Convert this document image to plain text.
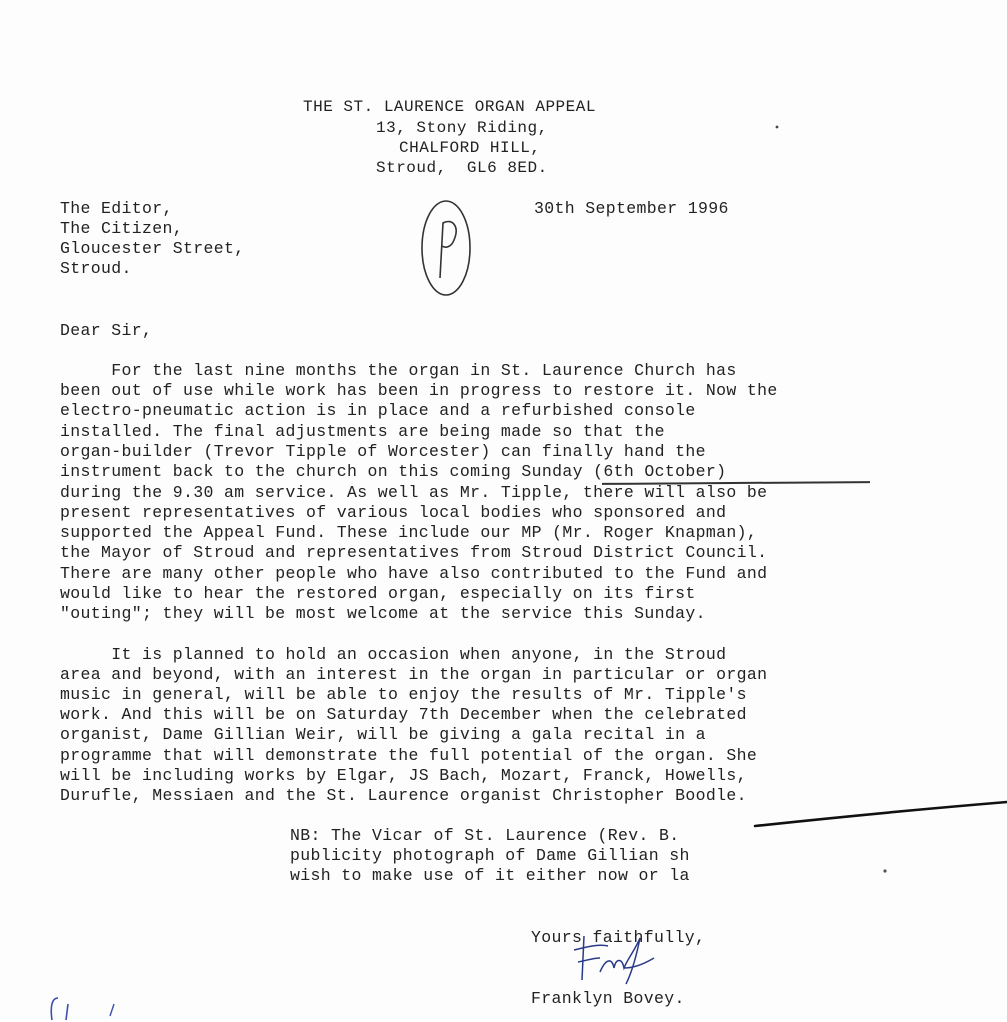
THE ST. LAURENCE ORGAN APPEAL
13, Stony Riding,
CHALFORD HILL,
Stroud,  GL6 8ED.
The Editor,
The Citizen,
Gloucester Street,
Stroud.
30th September 1996
Dear Sir,
For the last nine months the organ in St. Laurence Church has
been out of use while work has been in progress to restore it. Now the
electro-pneumatic action is in place and a refurbished console
installed. The final adjustments are being made so that the
organ-builder (Trevor Tipple of Worcester) can finally hand the
instrument back to the church on this coming Sunday (6th October)
during the 9.30 am service. As well as Mr. Tipple, there will also be
present representatives of various local bodies who sponsored and
supported the Appeal Fund. These include our MP (Mr. Roger Knapman),
the Mayor of Stroud and representatives from Stroud District Council.
There are many other people who have also contributed to the Fund and
would like to hear the restored organ, especially on its first
"outing"; they will be most welcome at the service this Sunday.
It is planned to hold an occasion when anyone, in the Stroud
area and beyond, with an interest in the organ in particular or organ
music in general, will be able to enjoy the results of Mr. Tipple's
work. And this will be on Saturday 7th December when the celebrated
organist, Dame Gillian Weir, will be giving a gala recital in a
programme that will demonstrate the full potential of the organ. She
will be including works by Elgar, JS Bach, Mozart, Franck, Howells,
Durufle, Messiaen and the St. Laurence organist Christopher Boodle.
NB: The Vicar of St. Laurence (Rev. B.
publicity photograph of Dame Gillian sh
wish to make use of it either now or la
Yours faithfully,
Franklyn Bovey.
